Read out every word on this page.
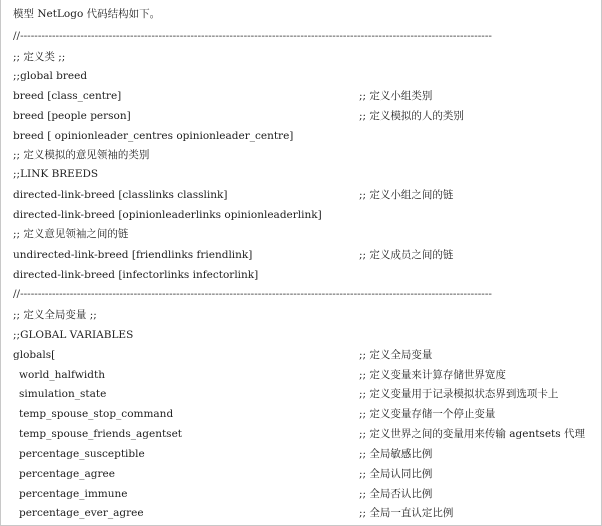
模型 NetLogo 代码结构如下。
//-------------------------------------------------------------------------------------------------------------------------------------
;; 定义类 ;;
;;global breed
breed [class_centre]	;; 定义小组类别
breed [people person]	;; 定义模拟的人的类别
breed [ opinionleader_centres opinionleader_centre]
;; 定义模拟的意见领袖的类别
;;LINK BREEDS
directed-link-breed [classlinks classlink]	;; 定义小组之间的链
directed-link-breed [opinionleaderlinks opinionleaderlink]
;; 定义意见领袖之间的链
undirected-link-breed [friendlinks friendlink]	;; 定义成员之间的链
directed-link-breed [infectorlinks infectorlink]
//-------------------------------------------------------------------------------------------------------------------------------------
;; 定义全局变量 ;;
;;GLOBAL VARIABLES
globals[	;; 定义全局变量
world_halfwidth	;; 定义变量来计算存储世界宽度
simulation_state	;; 定义变量用于记录模拟状态界到选项卡上
temp_spouse_stop_command	;; 定义变量存储一个停止变量
temp_spouse_friends_agentset	;; 定义世界之间的变量用来传输 agentsets 代理
percentage_susceptible	;; 全局敏感比例
percentage_agree	;; 全局认同比例
percentage_immune	;; 全局否认比例
percentage_ever_agree	;; 全局一直认定比例
